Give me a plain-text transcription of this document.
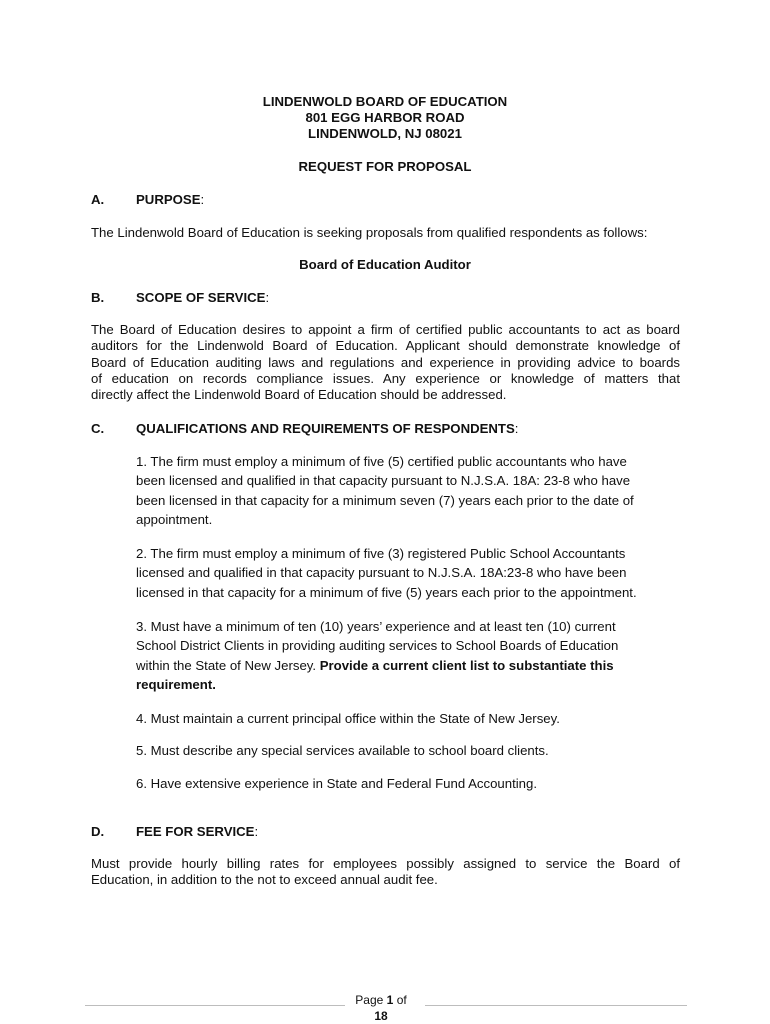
LINDENWOLD BOARD OF EDUCATION
801 EGG HARBOR ROAD
LINDENWOLD, NJ 08021
REQUEST FOR PROPOSAL
A. PURPOSE:
The Lindenwold Board of Education is seeking proposals from qualified respondents as follows:
Board of Education Auditor
B. SCOPE OF SERVICE:
The Board of Education desires to appoint a firm of certified public accountants to act as board
auditors for the Lindenwold Board of Education. Applicant should demonstrate knowledge of
Board of Education auditing laws and regulations and experience in providing advice to boards
of education on records compliance issues. Any experience or knowledge of matters that
directly affect the Lindenwold Board of Education should be addressed.
C. QUALIFICATIONS AND REQUIREMENTS OF RESPONDENTS:
1. The firm must employ a minimum of five (5) certified public accountants who have
been licensed and qualified in that capacity pursuant to N.J.S.A. 18A: 23-8 who have
been licensed in that capacity for a minimum seven (7) years each prior to the date of
appointment.
2. The firm must employ a minimum of five (3) registered Public School Accountants
licensed and qualified in that capacity pursuant to N.J.S.A. 18A:23-8 who have been
licensed in that capacity for a minimum of five (5) years each prior to the appointment.
3. Must have a minimum of ten (10) years’ experience and at least ten (10) current
School District Clients in providing auditing services to School Boards of Education
within the State of New Jersey. Provide a current client list to substantiate this
requirement.
4. Must maintain a current principal office within the State of New Jersey.
5. Must describe any special services available to school board clients.
6. Have extensive experience in State and Federal Fund Accounting.
D. FEE FOR SERVICE:
Must provide hourly billing rates for employees possibly assigned to service the Board of
Education, in addition to the not to exceed annual audit fee.
Page 1 of
18
